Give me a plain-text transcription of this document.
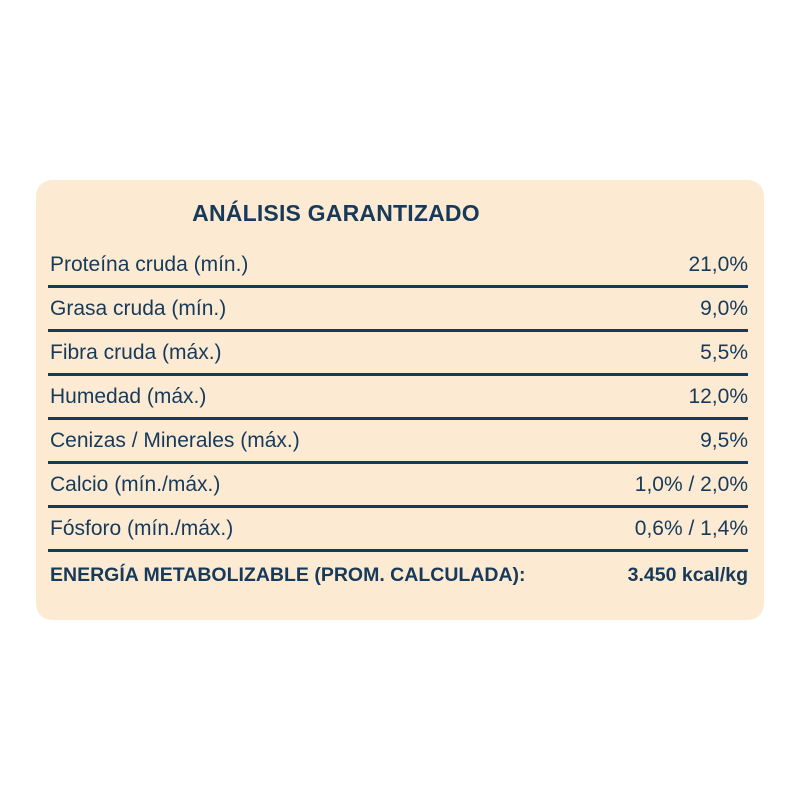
ANÁLISIS GARANTIZADO
Proteína cruda (mín.)	21,0%
Grasa cruda (mín.)	9,0%
Fibra cruda (máx.)	5,5%
Humedad (máx.)	12,0%
Cenizas / Minerales (máx.)	9,5%
Calcio (mín./máx.)	1,0% / 2,0%
Fósforo (mín./máx.)	0,6% / 1,4%
ENERGÍA METABOLIZABLE (PROM. CALCULADA):	3.450 kcal/kg
